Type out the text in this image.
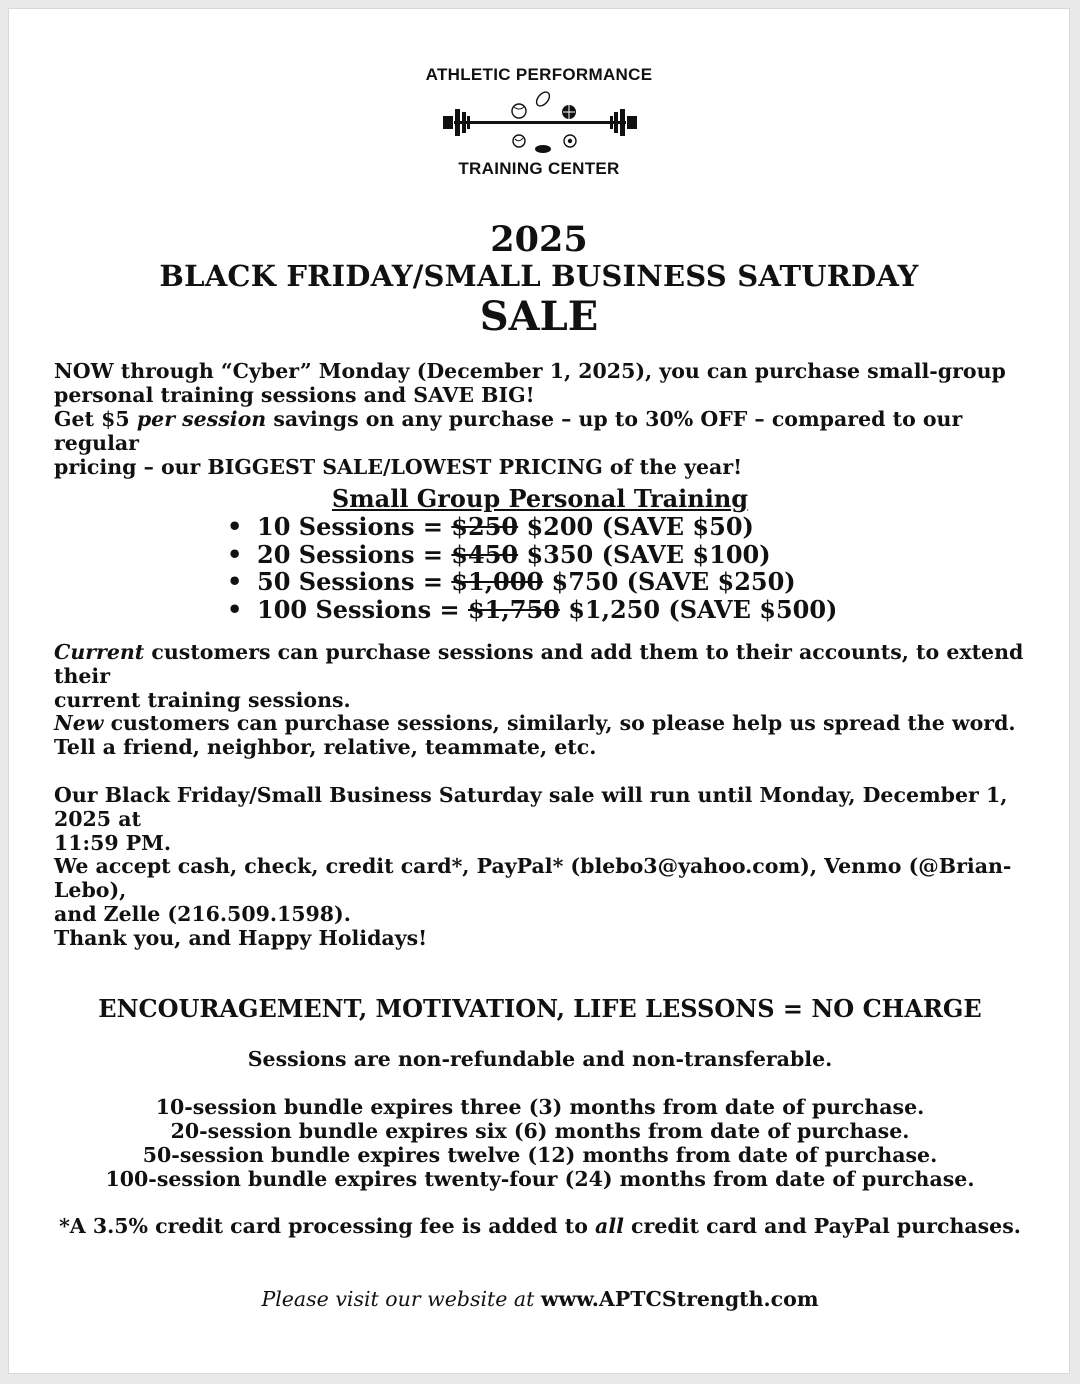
ATHLETIC PERFORMANCE
TRAINING CENTER
2025
BLACK FRIDAY/SMALL BUSINESS SATURDAY
SALE
NOW through “Cyber” Monday (December 1, 2025), you can purchase small-group
personal training sessions and SAVE BIG!
Get $5 per session savings on any purchase – up to 30% OFF – compared to our regular
pricing – our BIGGEST SALE/LOWEST PRICING of the year!
Small Group Personal Training
• 10 Sessions = $250 $200 (SAVE $50)
• 20 Sessions = $450 $350 (SAVE $100)
• 50 Sessions = $1,000 $750 (SAVE $250)
• 100 Sessions = $1,750 $1,250 (SAVE $500)
Current customers can purchase sessions and add them to their accounts, to extend their
current training sessions.
New customers can purchase sessions, similarly, so please help us spread the word.
Tell a friend, neighbor, relative, teammate, etc.
Our Black Friday/Small Business Saturday sale will run until Monday, December 1, 2025 at
11:59 PM.
We accept cash, check, credit card*, PayPal* (blebo3@yahoo.com), Venmo (@Brian-Lebo),
and Zelle (216.509.1598).
Thank you, and Happy Holidays!
ENCOURAGEMENT, MOTIVATION, LIFE LESSONS = NO CHARGE
Sessions are non-refundable and non-transferable.
10-session bundle expires three (3) months from date of purchase.
20-session bundle expires six (6) months from date of purchase.
50-session bundle expires twelve (12) months from date of purchase.
100-session bundle expires twenty-four (24) months from date of purchase.
*A 3.5% credit card processing fee is added to all credit card and PayPal purchases.
Please visit our website at www.APTCStrength.com
